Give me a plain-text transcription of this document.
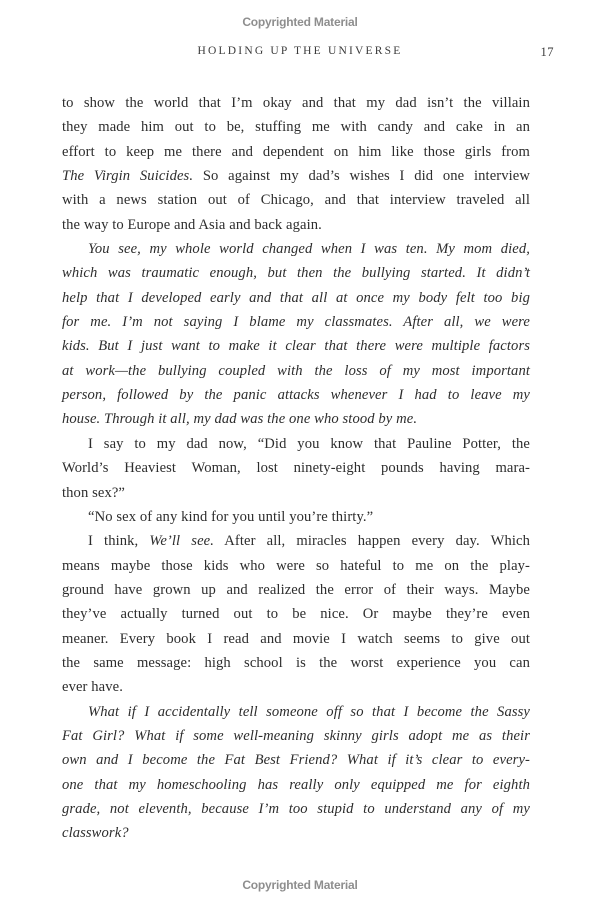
Copyrighted Material
HOLDING UP THE UNIVERSE	17
to show the world that I’m okay and that my dad isn’t the villain
they made him out to be, stuffing me with candy and cake in an
effort to keep me there and dependent on him like those girls from
The Virgin Suicides. So against my dad’s wishes I did one interview
with a news station out of Chicago, and that interview traveled all
the way to Europe and Asia and back again.
You see, my whole world changed when I was ten. My mom died,
which was traumatic enough, but then the bullying started. It didn’t
help that I developed early and that all at once my body felt too big
for me. I’m not saying I blame my classmates. After all, we were
kids. But I just want to make it clear that there were multiple factors
at work—the bullying coupled with the loss of my most important
person, followed by the panic attacks whenever I had to leave my
house. Through it all, my dad was the one who stood by me.
I say to my dad now, “Did you know that Pauline Potter, the
World’s Heaviest Woman, lost ninety-eight pounds having mara-
thon sex?”
“No sex of any kind for you until you’re thirty.”
I think, We’ll see. After all, miracles happen every day. Which
means maybe those kids who were so hateful to me on the play-
ground have grown up and realized the error of their ways. Maybe
they’ve actually turned out to be nice. Or maybe they’re even
meaner. Every book I read and movie I watch seems to give out
the same message: high school is the worst experience you can
ever have.
What if I accidentally tell someone off so that I become the Sassy
Fat Girl? What if some well-meaning skinny girls adopt me as their
own and I become the Fat Best Friend? What if it’s clear to every-
one that my homeschooling has really only equipped me for eighth
grade, not eleventh, because I’m too stupid to understand any of my
classwork?
Copyrighted Material
